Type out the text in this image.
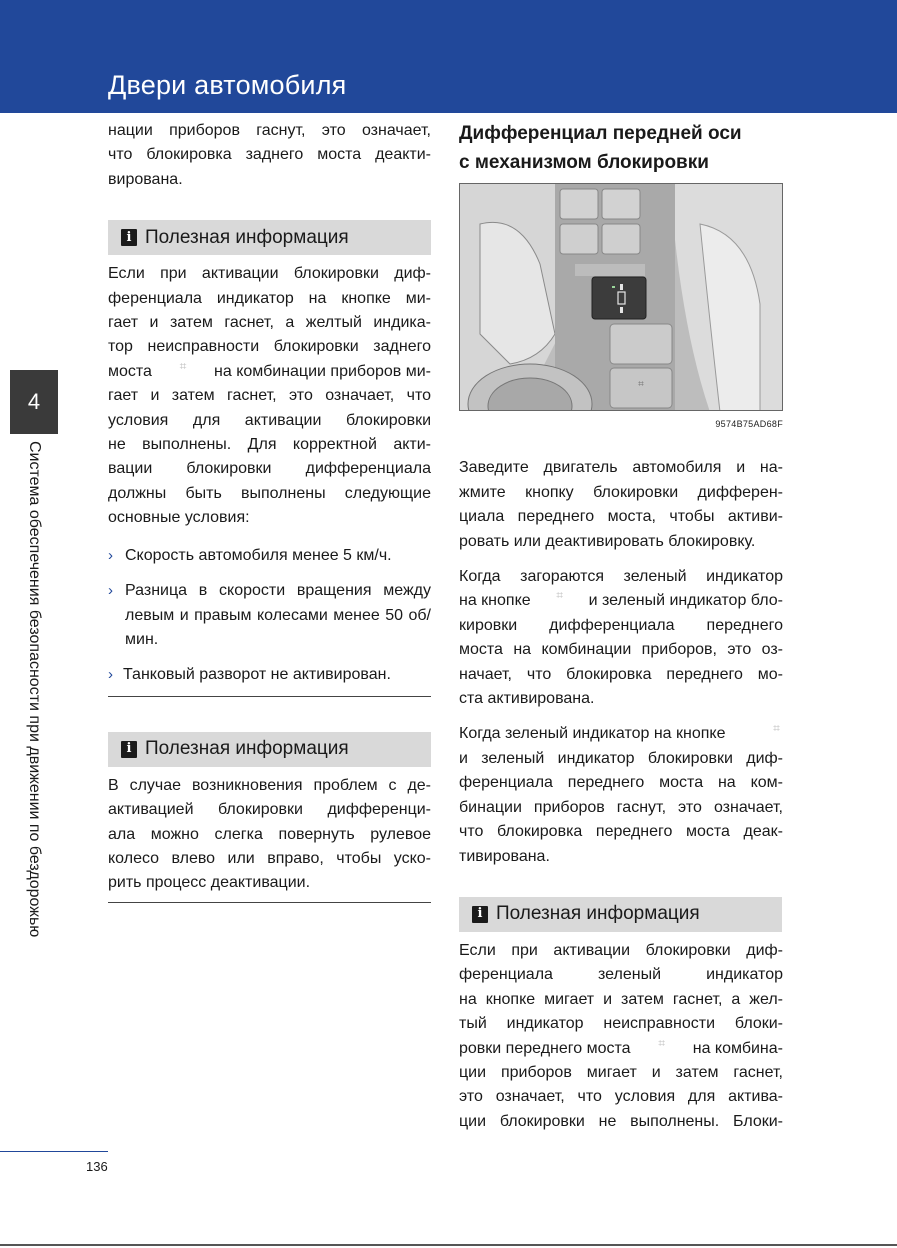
Двери автомобиля
4
Система обеспечения безопасности при движении по бездорожью
нации приборов гаснут, это означает,
что блокировка заднего моста деакти-
вирована.
i Полезная информация
Если при активации блокировки диф-
ференциала индикатор на кнопке ми-
гает и затем гаснет, а желтый индика-
тор неисправности блокировки заднего
моста ⌗ на комбинации приборов ми-
гает и затем гаснет, это означает, что
условия для активации блокировки
не выполнены. Для корректной акти-
вации блокировки дифференциала
должны быть выполнены следующие
основные условия:
› Скорость автомобиля менее 5 км/ч.
› Разница в скорости вращения между левым и правым колесами менее 50 об/мин.
› Танковый разворот не активирован.
i Полезная информация
В случае возникновения проблем с де-
активацией блокировки дифференци-
ала можно слегка повернуть рулевое
колесо влево или вправо, чтобы уско-
рить процесс деактивации.
Дифференциал передней оси
с механизмом блокировки
⌗
9574B75AD68F
Заведите двигатель автомобиля и на-
жмите кнопку блокировки дифферен-
циала переднего моста, чтобы активи-
ровать или деактивировать блокировку.
Когда загораются зеленый индикатор
на кнопке ⌗ и зеленый индикатор бло-
кировки дифференциала переднего
моста на комбинации приборов, это оз-
начает, что блокировка переднего мо-
ста активирована.
Когда зеленый индикатор на кнопке	⌗
и зеленый индикатор блокировки диф-
ференциала переднего моста на ком-
бинации приборов гаснут, это означает,
что блокировка переднего моста деак-
тивирована.
i Полезная информация
Если при активации блокировки диф-
ференциала зеленый индикатор
на кнопке мигает и затем гаснет, а жел-
тый индикатор неисправности блоки-
ровки переднего моста ⌗ на комбина-
ции приборов мигает и затем гаснет,
это означает, что условия для актива-
ции блокировки не выполнены. Блоки-
136
